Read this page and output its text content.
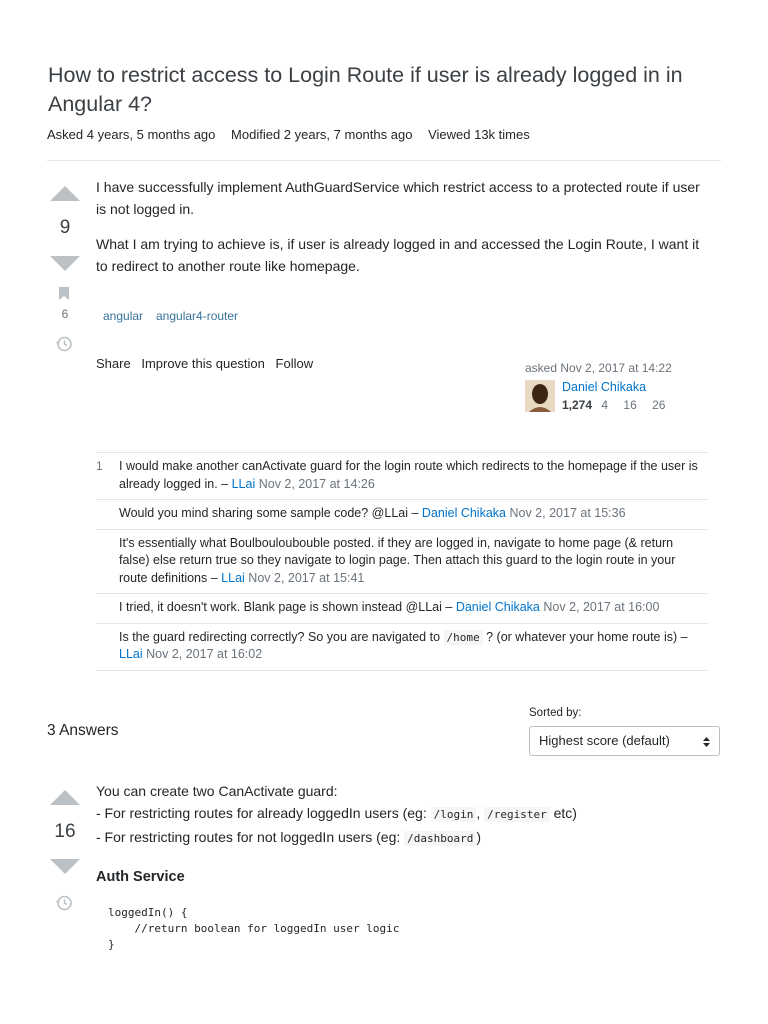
How to restrict access to Login Route if user is already logged in in Angular 4?
Asked 4 years, 5 months ago Modified 2 years, 7 months ago Viewed 13k times
9
6

I have successfully implement AuthGuardService which restrict access to a protected route if user is not logged in.

What I am trying to achieve is, if user is already logged in and accessed the Login Route, I want it to redirect to another route like homepage.

angular angular4-router
Share Improve this question Follow	asked Nov 2, 2017 at 14:22
Daniel Chikaka
1,274 4 16 26
1 I would make another canActivate guard for the login route which redirects to the homepage if the user is already logged in. – LLai Nov 2, 2017 at 14:26
Would you mind sharing some sample code? @LLai – Daniel Chikaka Nov 2, 2017 at 15:36
It's essentially what Boulbouloubouble posted. if they are logged in, navigate to home page (& return false) else return true so they navigate to login page. Then attach this guard to the login route in your route definitions – LLai Nov 2, 2017 at 15:41
I tried, it doesn't work. Blank page is shown instead @LLai – Daniel Chikaka Nov 2, 2017 at 16:00
Is the guard redirecting correctly? So you are navigated to /home ? (or whatever your home route is) – LLai Nov 2, 2017 at 16:02
3 Answers
Sorted by:
Highest score (default)
16
You can create two CanActivate guard:
- For restricting routes for already loggedIn users (eg: /login , /register etc)
- For restricting routes for not loggedIn users (eg: /dashboard )
Auth Service
loggedIn() {
//return boolean for loggedIn user logic
}
